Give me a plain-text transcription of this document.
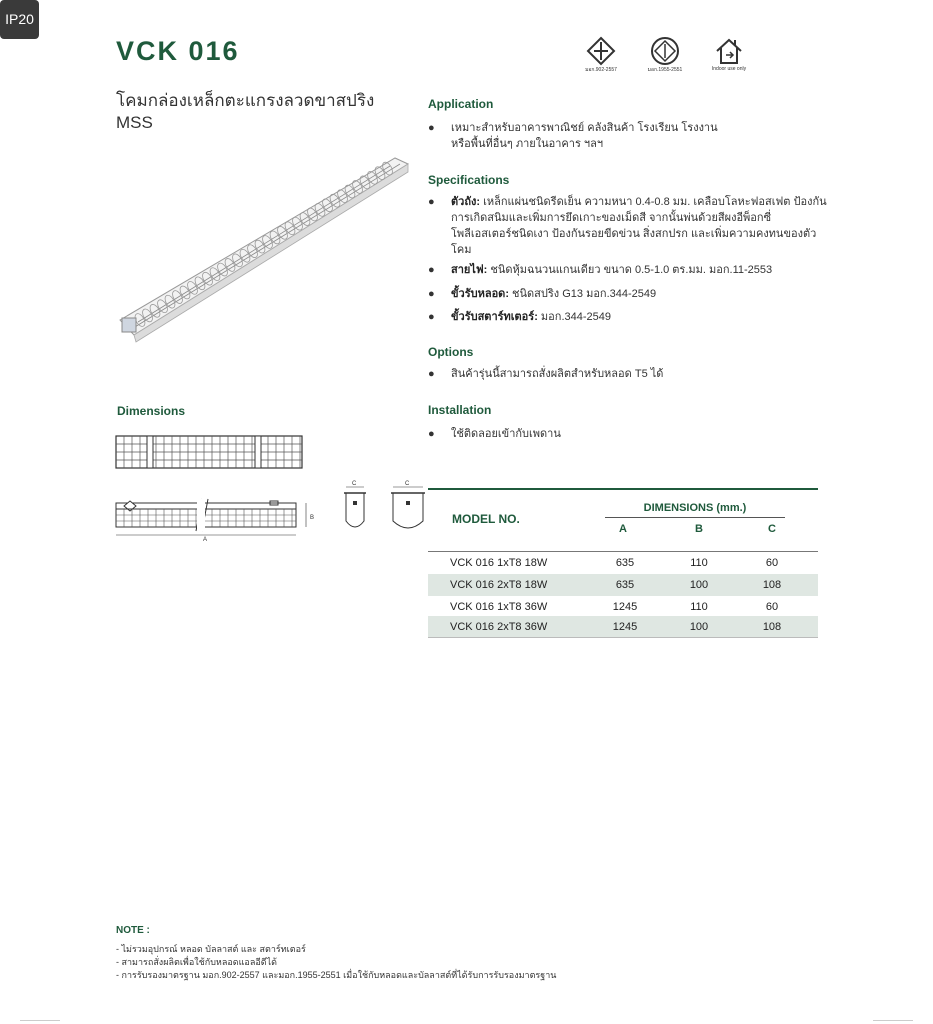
VCK 016
โคมกล่องเหล็กตะแกรงลวดขาสปริง
MSS
มอก.902-2557	มอก.1955-2551	Indoor use only
IP20
Dimensions
A
B
C	C
Application
● เหมาะสำหรับอาคารพาณิชย์ คลังสินค้า โรงเรียน โรงงาน หรือพื้นที่อื่นๆ ภายในอาคาร ฯลฯ
Specifications
● ตัวถัง: เหล็กแผ่นชนิดรีดเย็น ความหนา 0.4-0.8 มม. เคลือบโลหะฟอสเฟต ป้องกันการเกิดสนิมและเพิ่มการยึดเกาะของเม็ดสี จากนั้นพ่นด้วยสีผงอีพ็อกซี่ โพลีเอสเตอร์ชนิดเงา ป้องกันรอยขีดข่วน สิ่งสกปรก และเพิ่มความคงทนของตัวโคม
● สายไฟ: ชนิดหุ้มฉนวนแกนเดียว ขนาด 0.5-1.0 ตร.มม. มอก.11-2553
● ขั้วรับหลอด: ชนิดสปริง G13 มอก.344-2549
● ขั้วรับสตาร์ทเตอร์: มอก.344-2549
Options
● สินค้ารุ่นนี้สามารถสั่งผลิตสำหรับหลอด T5 ได้
Installation
● ใช้ติดลอยเข้ากับเพดาน
MODEL NO.
DIMENSIONS (mm.)
A	B	C
VCK 016 1xT8 18W	635	110	60
VCK 016 2xT8 18W	635	100	108
VCK 016 1xT8 36W	1245	110	60
VCK 016 2xT8 36W	1245	100	108
NOTE :
- ไม่รวมอุปกรณ์ หลอด บัลลาสต์ และ สตาร์ทเตอร์
- สามารถสั่งผลิตเพื่อใช้กับหลอดแอลอีดีได้
- การรับรองมาตรฐาน มอก.902-2557 และมอก.1955-2551 เมื่อใช้กับหลอดและบัลลาสต์ที่ได้รับการรับรองมาตรฐาน
